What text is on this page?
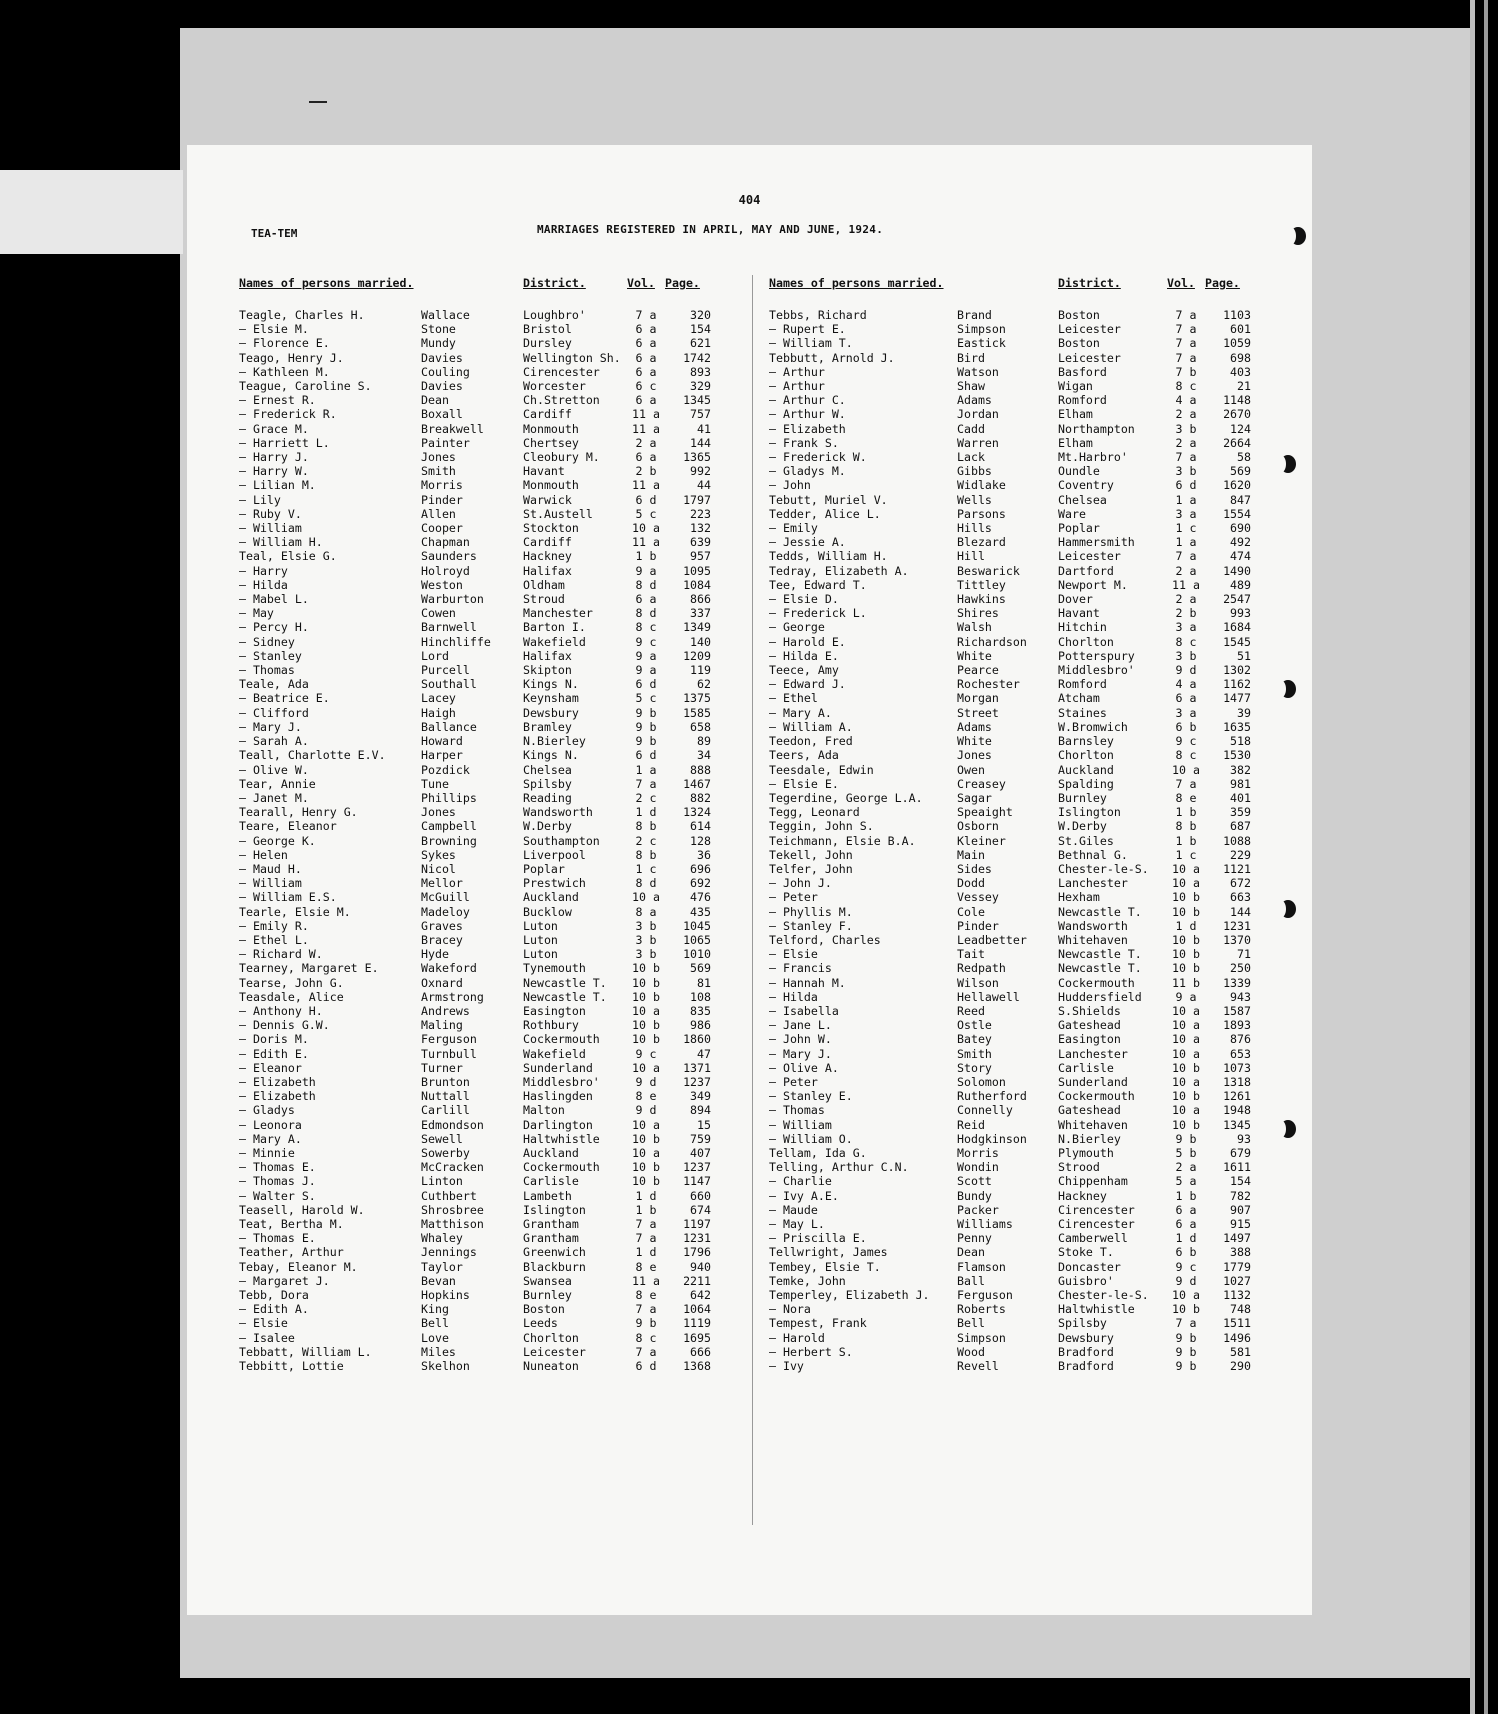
404
TEA-TEM	MARRIAGES REGISTERED IN APRIL, MAY AND JUNE, 1924.
Names of persons married.	District.	Vol. Page.
Teagle, Charles H.	Wallace	Loughbro'	7 a	320
— Elsie M.	Stone	Bristol	6 a	154
— Florence E.	Mundy	Dursley	6 a	621
Teago, Henry J.	Davies	Wellington Sh.	6 a	1742
— Kathleen M.	Couling	Cirencester	6 a	893
Teague, Caroline S.	Davies	Worcester	6 c	329
— Ernest R.	Dean	Ch.Stretton	6 a	1345
— Frederick R.	Boxall	Cardiff	11 a	757
— Grace M.	Breakwell	Monmouth	11 a	41
— Harriett L.	Painter	Chertsey	2 a	144
— Harry J.	Jones	Cleobury M.	6 a	1365
— Harry W.	Smith	Havant	2 b	992
— Lilian M.	Morris	Monmouth	11 a	44
— Lily	Pinder	Warwick	6 d	1797
— Ruby V.	Allen	St.Austell	5 c	223
— William	Cooper	Stockton	10 a	132
— William H.	Chapman	Cardiff	11 a	639
Teal, Elsie G.	Saunders	Hackney	1 b	957
— Harry	Holroyd	Halifax	9 a	1095
— Hilda	Weston	Oldham	8 d	1084
— Mabel L.	Warburton	Stroud	6 a	866
— May	Cowen	Manchester	8 d	337
— Percy H.	Barnwell	Barton I.	8 c	1349
— Sidney	Hinchliffe	Wakefield	9 c	140
— Stanley	Lord	Halifax	9 a	1209
— Thomas	Purcell	Skipton	9 a	119
Teale, Ada	Southall	Kings N.	6 d	62
— Beatrice E.	Lacey	Keynsham	5 c	1375
— Clifford	Haigh	Dewsbury	9 b	1585
— Mary J.	Ballance	Bramley	9 b	658
— Sarah A.	Howard	N.Bierley	9 b	89
Teall, Charlotte E.V.	Harper	Kings N.	6 d	34
— Olive W.	Pozdick	Chelsea	1 a	888
Tear, Annie	Tune	Spilsby	7 a	1467
— Janet M.	Phillips	Reading	2 c	882
Tearall, Henry G.	Jones	Wandsworth	1 d	1324
Teare, Eleanor	Campbell	W.Derby	8 b	614
— George K.	Browning	Southampton	2 c	128
— Helen	Sykes	Liverpool	8 b	36
— Maud H.	Nicol	Poplar	1 c	696
— William	Mellor	Prestwich	8 d	692
— William E.S.	McGuill	Auckland	10 a	476
Tearle, Elsie M.	Madeloy	Bucklow	8 a	435
— Emily R.	Graves	Luton	3 b	1045
— Ethel L.	Bracey	Luton	3 b	1065
— Richard W.	Hyde	Luton	3 b	1010
Tearney, Margaret E.	Wakeford	Tynemouth	10 b	569
Tearse, John G.	Oxnard	Newcastle T.	10 b	81
Teasdale, Alice	Armstrong	Newcastle T.	10 b	108
— Anthony H.	Andrews	Easington	10 a	835
— Dennis G.W.	Maling	Rothbury	10 b	986
— Doris M.	Ferguson	Cockermouth	10 b	1860
— Edith E.	Turnbull	Wakefield	9 c	47
— Eleanor	Turner	Sunderland	10 a	1371
— Elizabeth	Brunton	Middlesbro'	9 d	1237
— Elizabeth	Nuttall	Haslingden	8 e	349
— Gladys	Carlill	Malton	9 d	894
— Leonora	Edmondson	Darlington	10 a	15
— Mary A.	Sewell	Haltwhistle	10 b	759
— Minnie	Sowerby	Auckland	10 a	407
— Thomas E.	McCracken	Cockermouth	10 b	1237
— Thomas J.	Linton	Carlisle	10 b	1147
— Walter S.	Cuthbert	Lambeth	1 d	660
Teasell, Harold W.	Shrosbree	Islington	1 b	674
Teat, Bertha M.	Matthison	Grantham	7 a	1197
— Thomas E.	Whaley	Grantham	7 a	1231
Teather, Arthur	Jennings	Greenwich	1 d	1796
Tebay, Eleanor M.	Taylor	Blackburn	8 e	940
— Margaret J.	Bevan	Swansea	11 a	2211
Tebb, Dora	Hopkins	Burnley	8 e	642
— Edith A.	King	Boston	7 a	1064
— Elsie	Bell	Leeds	9 b	1119
— Isalee	Love	Chorlton	8 c	1695
Tebbatt, William L.	Miles	Leicester	7 a	666
Tebbitt, Lottie	Skelhon	Nuneaton	6 d	1368
Names of persons married.	District.	Vol. Page.
Tebbs, Richard	Brand	Boston	7 a	1103
— Rupert E.	Simpson	Leicester	7 a	601
— William T.	Eastick	Boston	7 a	1059
Tebbutt, Arnold J.	Bird	Leicester	7 a	698
— Arthur	Watson	Basford	7 b	403
— Arthur	Shaw	Wigan	8 c	21
— Arthur C.	Adams	Romford	4 a	1148
— Arthur W.	Jordan	Elham	2 a	2670
— Elizabeth	Cadd	Northampton	3 b	124
— Frank S.	Warren	Elham	2 a	2664
— Frederick W.	Lack	Mt.Harbro'	7 a	58
— Gladys M.	Gibbs	Oundle	3 b	569
— John	Widlake	Coventry	6 d	1620
Tebutt, Muriel V.	Wells	Chelsea	1 a	847
Tedder, Alice L.	Parsons	Ware	3 a	1554
— Emily	Hills	Poplar	1 c	690
— Jessie A.	Blezard	Hammersmith	1 a	492
Tedds, William H.	Hill	Leicester	7 a	474
Tedray, Elizabeth A.	Beswarick	Dartford	2 a	1490
Tee, Edward T.	Tittley	Newport M.	11 a	489
— Elsie D.	Hawkins	Dover	2 a	2547
— Frederick L.	Shires	Havant	2 b	993
— George	Walsh	Hitchin	3 a	1684
— Harold E.	Richardson	Chorlton	8 c	1545
— Hilda E.	White	Potterspury	3 b	51
Teece, Amy	Pearce	Middlesbro'	9 d	1302
— Edward J.	Rochester	Romford	4 a	1162
— Ethel	Morgan	Atcham	6 a	1477
— Mary A.	Street	Staines	3 a	39
— William A.	Adams	W.Bromwich	6 b	1635
Teedon, Fred	White	Barnsley	9 c	518
Teers, Ada	Jones	Chorlton	8 c	1530
Teesdale, Edwin	Owen	Auckland	10 a	382
— Elsie E.	Creasey	Spalding	7 a	981
Tegerdine, George L.A.	Sagar	Burnley	8 e	401
Tegg, Leonard	Speaight	Islington	1 b	359
Teggin, John S.	Osborn	W.Derby	8 b	687
Teichmann, Elsie B.A.	Kleiner	St.Giles	1 b	1088
Tekell, John	Main	Bethnal G.	1 c	229
Telfer, John	Sides	Chester-le-S.	10 a	1121
— John J.	Dodd	Lanchester	10 a	672
— Peter	Vessey	Hexham	10 b	663
— Phyllis M.	Cole	Newcastle T.	10 b	144
— Stanley F.	Pinder	Wandsworth	1 d	1231
Telford, Charles	Leadbetter	Whitehaven	10 b	1370
— Elsie	Tait	Newcastle T.	10 b	71
— Francis	Redpath	Newcastle T.	10 b	250
— Hannah M.	Wilson	Cockermouth	11 b	1339
— Hilda	Hellawell	Huddersfield	9 a	943
— Isabella	Reed	S.Shields	10 a	1587
— Jane L.	Ostle	Gateshead	10 a	1893
— John W.	Batey	Easington	10 a	876
— Mary J.	Smith	Lanchester	10 a	653
— Olive A.	Story	Carlisle	10 b	1073
— Peter	Solomon	Sunderland	10 a	1318
— Stanley E.	Rutherford	Cockermouth	10 b	1261
— Thomas	Connelly	Gateshead	10 a	1948
— William	Reid	Whitehaven	10 b	1345
— William O.	Hodgkinson	N.Bierley	9 b	93
Tellam, Ida G.	Morris	Plymouth	5 b	679
Telling, Arthur C.N.	Wondin	Strood	2 a	1611
— Charlie	Scott	Chippenham	5 a	154
— Ivy A.E.	Bundy	Hackney	1 b	782
— Maude	Packer	Cirencester	6 a	907
— May L.	Williams	Cirencester	6 a	915
— Priscilla E.	Penny	Camberwell	1 d	1497
Tellwright, James	Dean	Stoke T.	6 b	388
Tembey, Elsie T.	Flamson	Doncaster	9 c	1779
Temke, John	Ball	Guisbro'	9 d	1027
Temperley, Elizabeth J.	Ferguson	Chester-le-S.	10 a	1132
— Nora	Roberts	Haltwhistle	10 b	748
Tempest, Frank	Bell	Spilsby	7 a	1511
— Harold	Simpson	Dewsbury	9 b	1496
— Herbert S.	Wood	Bradford	9 b	581
— Ivy	Revell	Bradford	9 b	290
